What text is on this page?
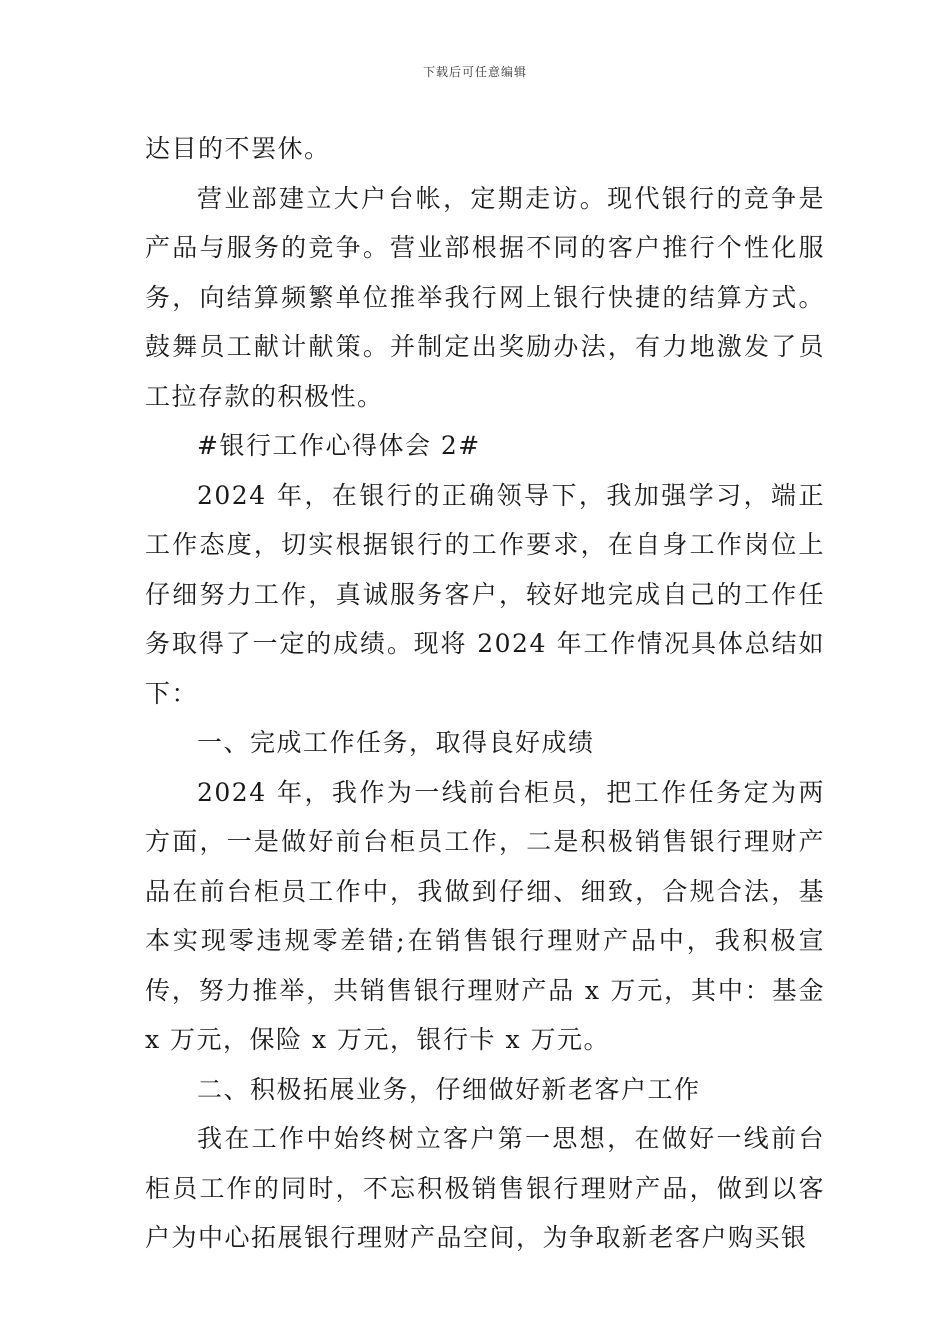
下载后可任意编辑

达目的不罢休。

营业部建立大户台帐，定期走访。现代银行的竞争是产品与服务的竞争。营业部根据不同的客户推行个性化服务，向结算频繁单位推举我行网上银行快捷的结算方式。鼓舞员工献计献策。并制定出奖励办法，有力地激发了员工拉存款的积极性。

#银行工作心得体会 2#

2024 年，在银行的正确领导下，我加强学习，端正工作态度，切实根据银行的工作要求，在自身工作岗位上仔细努力工作，真诚服务客户，较好地完成自己的工作任务取得了一定的成绩。现将 2024 年工作情况具体总结如下：

一、完成工作任务，取得良好成绩

2024 年，我作为一线前台柜员，把工作任务定为两方面，一是做好前台柜员工作，二是积极销售银行理财产品在前台柜员工作中，我做到仔细、细致，合规合法，基本实现零违规零差错;在销售银行理财产品中，我积极宣传，努力推举，共销售银行理财产品 x 万元，其中：基金 x 万元，保险 x 万元，银行卡 x 万元。

二、积极拓展业务，仔细做好新老客户工作

我在工作中始终树立客户第一思想，在做好一线前台柜员工作的同时，不忘积极销售银行理财产品，做到以客户为中心拓展银行理财产品空间，为争取新老客户购买银
